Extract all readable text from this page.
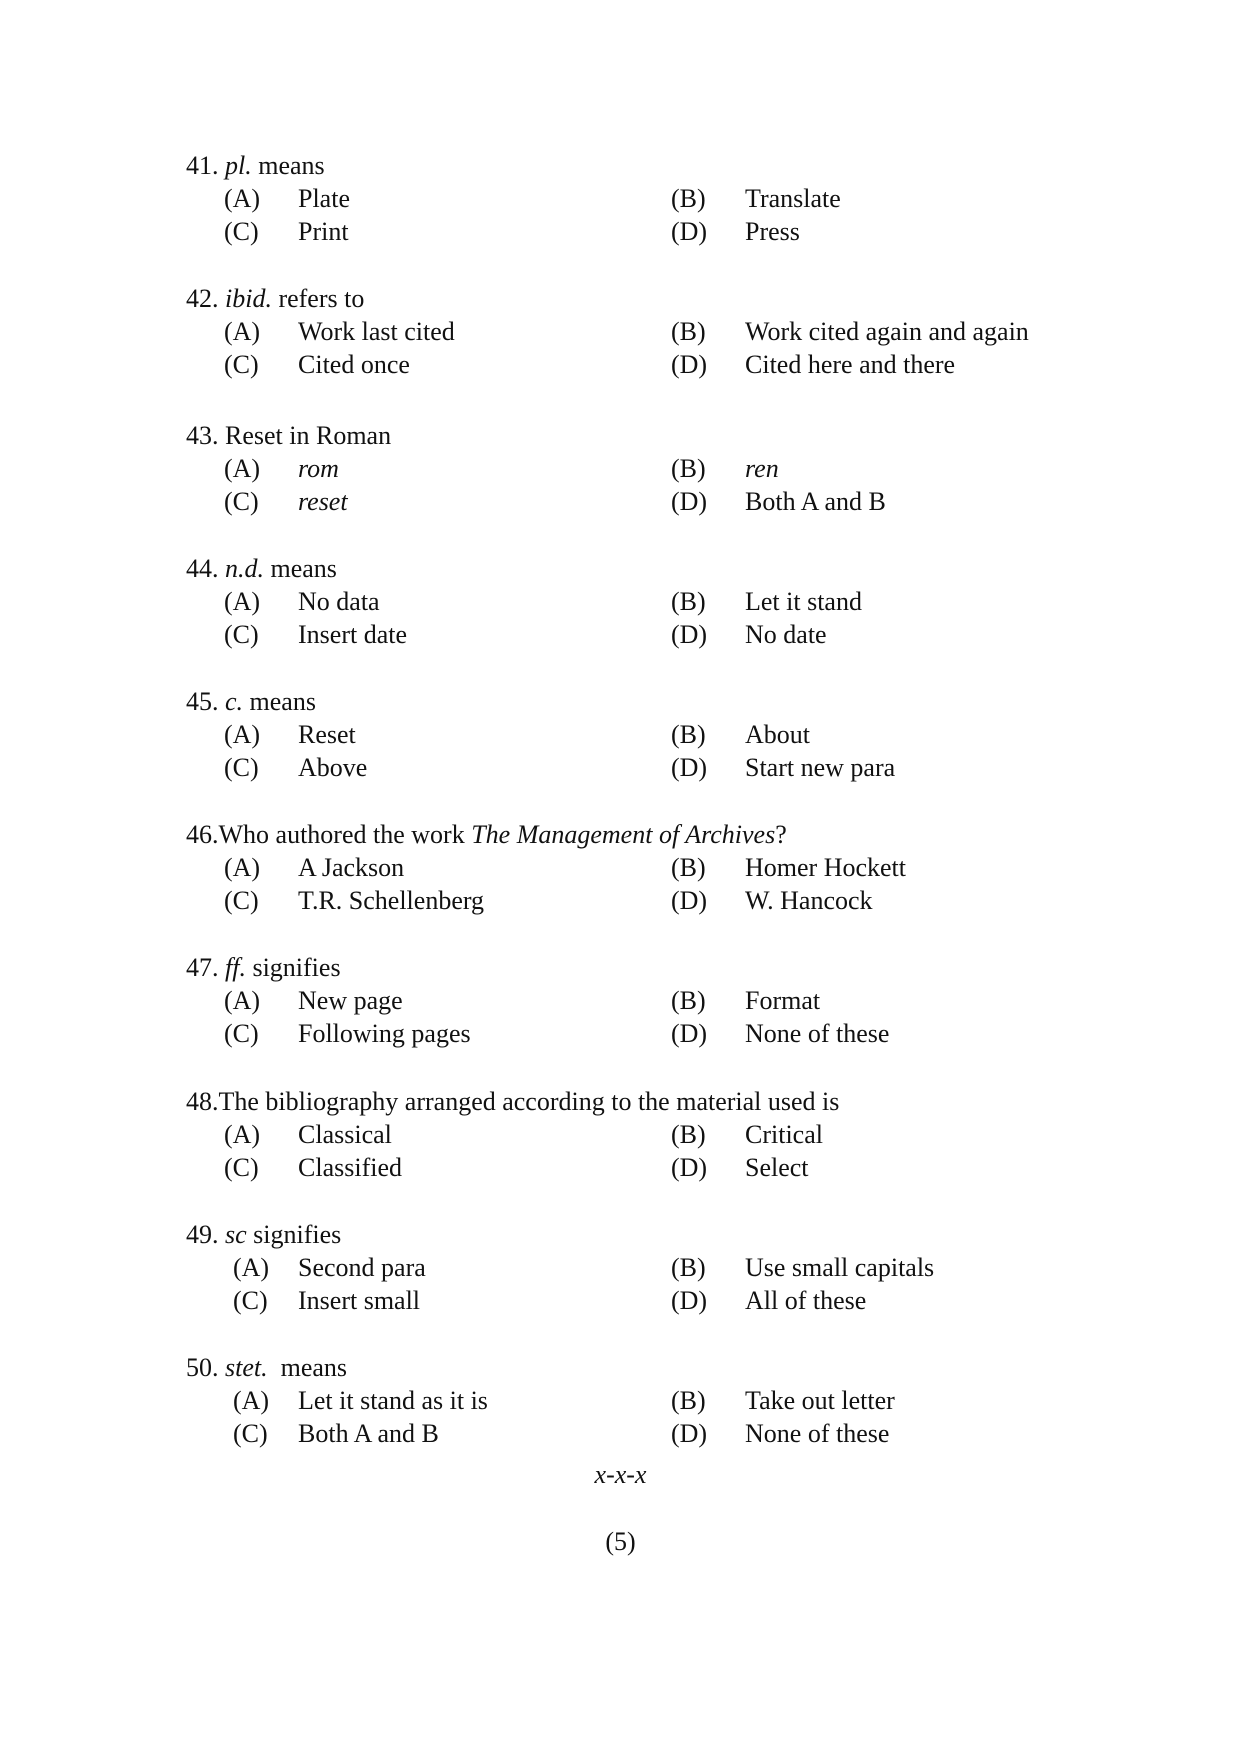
41. pl. means
(A) Plate	(B) Translate
(C) Print	(D) Press
42. ibid. refers to
(A) Work last cited	(B) Work cited again and again
(C) Cited once	(D) Cited here and there
43. Reset in Roman
(A) rom	(B) ren
(C) reset	(D) Both A and B
44. n.d. means
(A) No data	(B) Let it stand
(C) Insert date	(D) No date
45. c. means
(A) Reset	(B) About
(C) Above	(D) Start new para
46.Who authored the work The Management of Archives?
(A) A Jackson	(B) Homer Hockett
(C) T.R. Schellenberg	(D) W. Hancock
47. ff. signifies
(A) New page	(B) Format
(C) Following pages	(D) None of these
48.The bibliography arranged according to the material used is
(A) Classical	(B) Critical
(C) Classified	(D) Select
49. sc signifies
(A) Second para	(B) Use small capitals
(C) Insert small	(D) All of these
50. stet.  means
(A) Let it stand as it is	(B) Take out letter
(C) Both A and B	(D) None of these
x-x-x
(5)
